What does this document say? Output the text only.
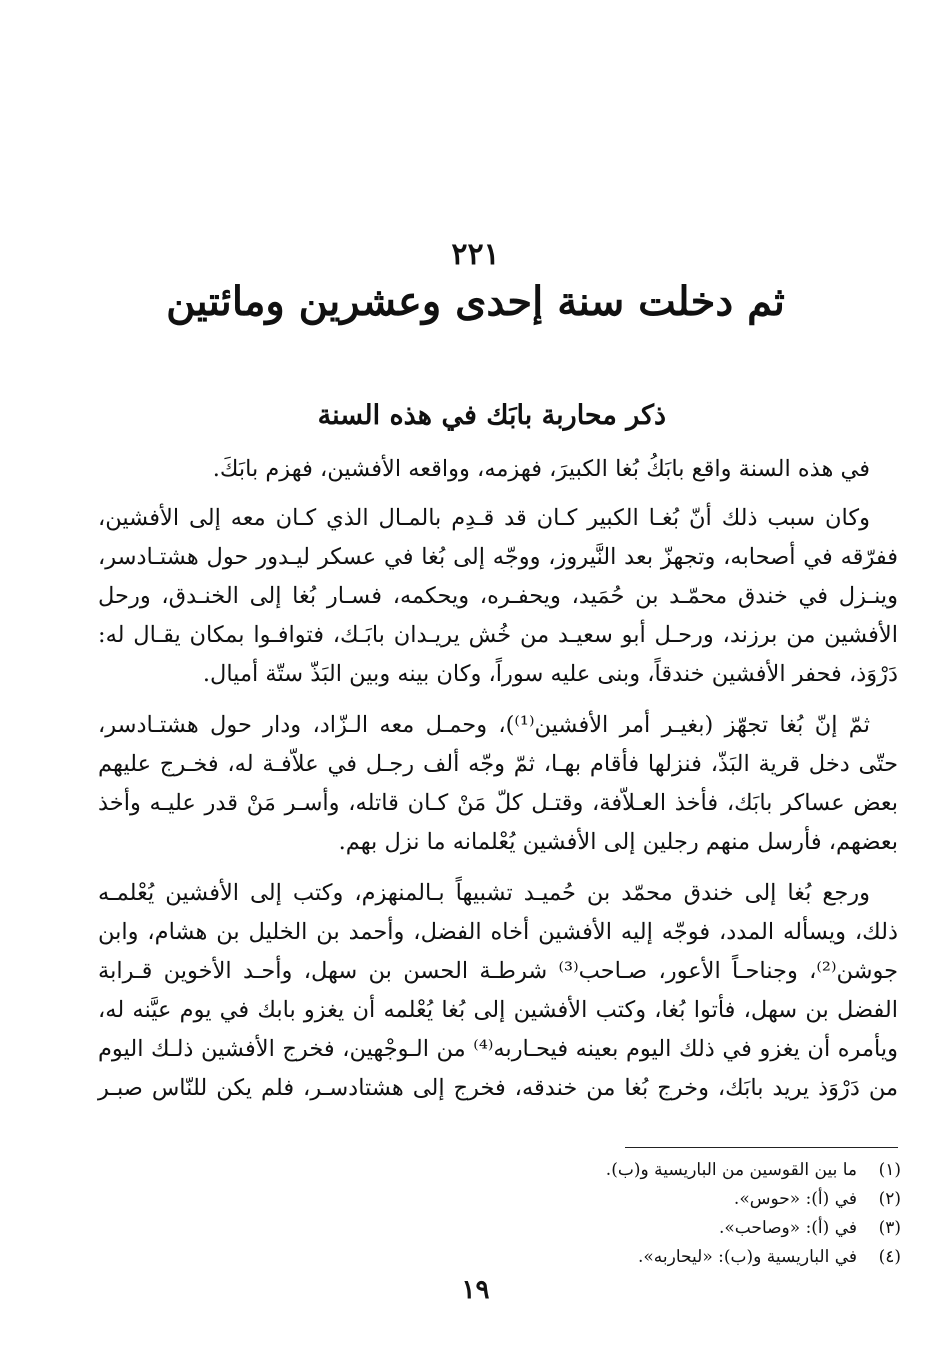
٢٢١
ثم دخلت سنة إحدى وعشرين ومائتين
ذكر محاربة بابَك في هذه السنة
في هذه السنة واقع بابَكُ بُغا الكبيرَ، فهزمه، وواقعه الأفشين، فهزم بابَكَ.
وكان سبب ذلك أنّ بُغـا الكبير كـان قد قـدِم بالمـال الذي كـان معه إلى الأفشين،
ففرّقه في أصحابه، وتجهزّ بعد النَّيروز، ووجّه إلى بُغا في عسكر ليـدور حول هشتـادسر،
وينـزل في خندق محمّـد بن حُمَيد، ويحفـره، ويحكمه، فسـار بُغا إلى الخنـدق، ورحل
الأفشين من برزند، ورحـل أبو سعيـد من خُش يريـدان بابَـك، فتوافـوا بمكان يقـال له:
دَرْوَذ، فحفر الأفشين خندقاً، وبنى عليه سوراً، وكان بينه وبين البَذّ ستّة أميال.
ثمّ إنّ بُغا تجهّز (بغيـر أمر الأفشين⁽¹⁾)، وحمـل معه الـزّاد، ودار حول هشتـادسر،
حتّى دخل قرية البَذّ، فنزلها فأقام بهـا، ثمّ وجّه ألف رجـل في علاّفـة له، فخـرج عليهم
بعض عساكر بابَك، فأخذ العـلاّفة، وقتـل كلّ مَنْ كـان قاتله، وأسـر مَنْ قدر عليـه وأخذ
بعضهم، فأرسل منهم رجلين إلى الأفشين يُعْلمانه ما نزل بهم.
ورجع بُغا إلى خندق محمّد بن حُميـد تشبيهاً بـالمنهزم، وكتب إلى الأفشين يُعْلمـه
ذلك، ويسأله المدد، فوجّه إليه الأفشين أخاه الفضل، وأحمد بن الخليل بن هشام، وابن
جوشن⁽²⁾، وجناحـاً الأعور، صـاحب⁽³⁾ شرطـة الحسن بن سهل، وأحـد الأخوين قـرابة
الفضل بن سهل، فأتوا بُغا، وكتب الأفشين إلى بُغا يُعْلمه أن يغزو بابك في يوم عيَّنه له،
ويأمره أن يغزو في ذلك اليوم بعينه فيحـاربه⁽⁴⁾ من الـوجْهين، فخرج الأفشين ذلـك اليوم
من دَرْوَذ يريد بابَك، وخرج بُغا من خندقه، فخرج إلى هشتادسـر، فلم يكن للنّاس صبـر
(١)ما بين القوسين من الباريسية و(ب).
(٢)في (أ): «حوس».
(٣)في (أ): «وصاحب».
(٤)في الباريسية و(ب): «ليحاربه».
١٩
